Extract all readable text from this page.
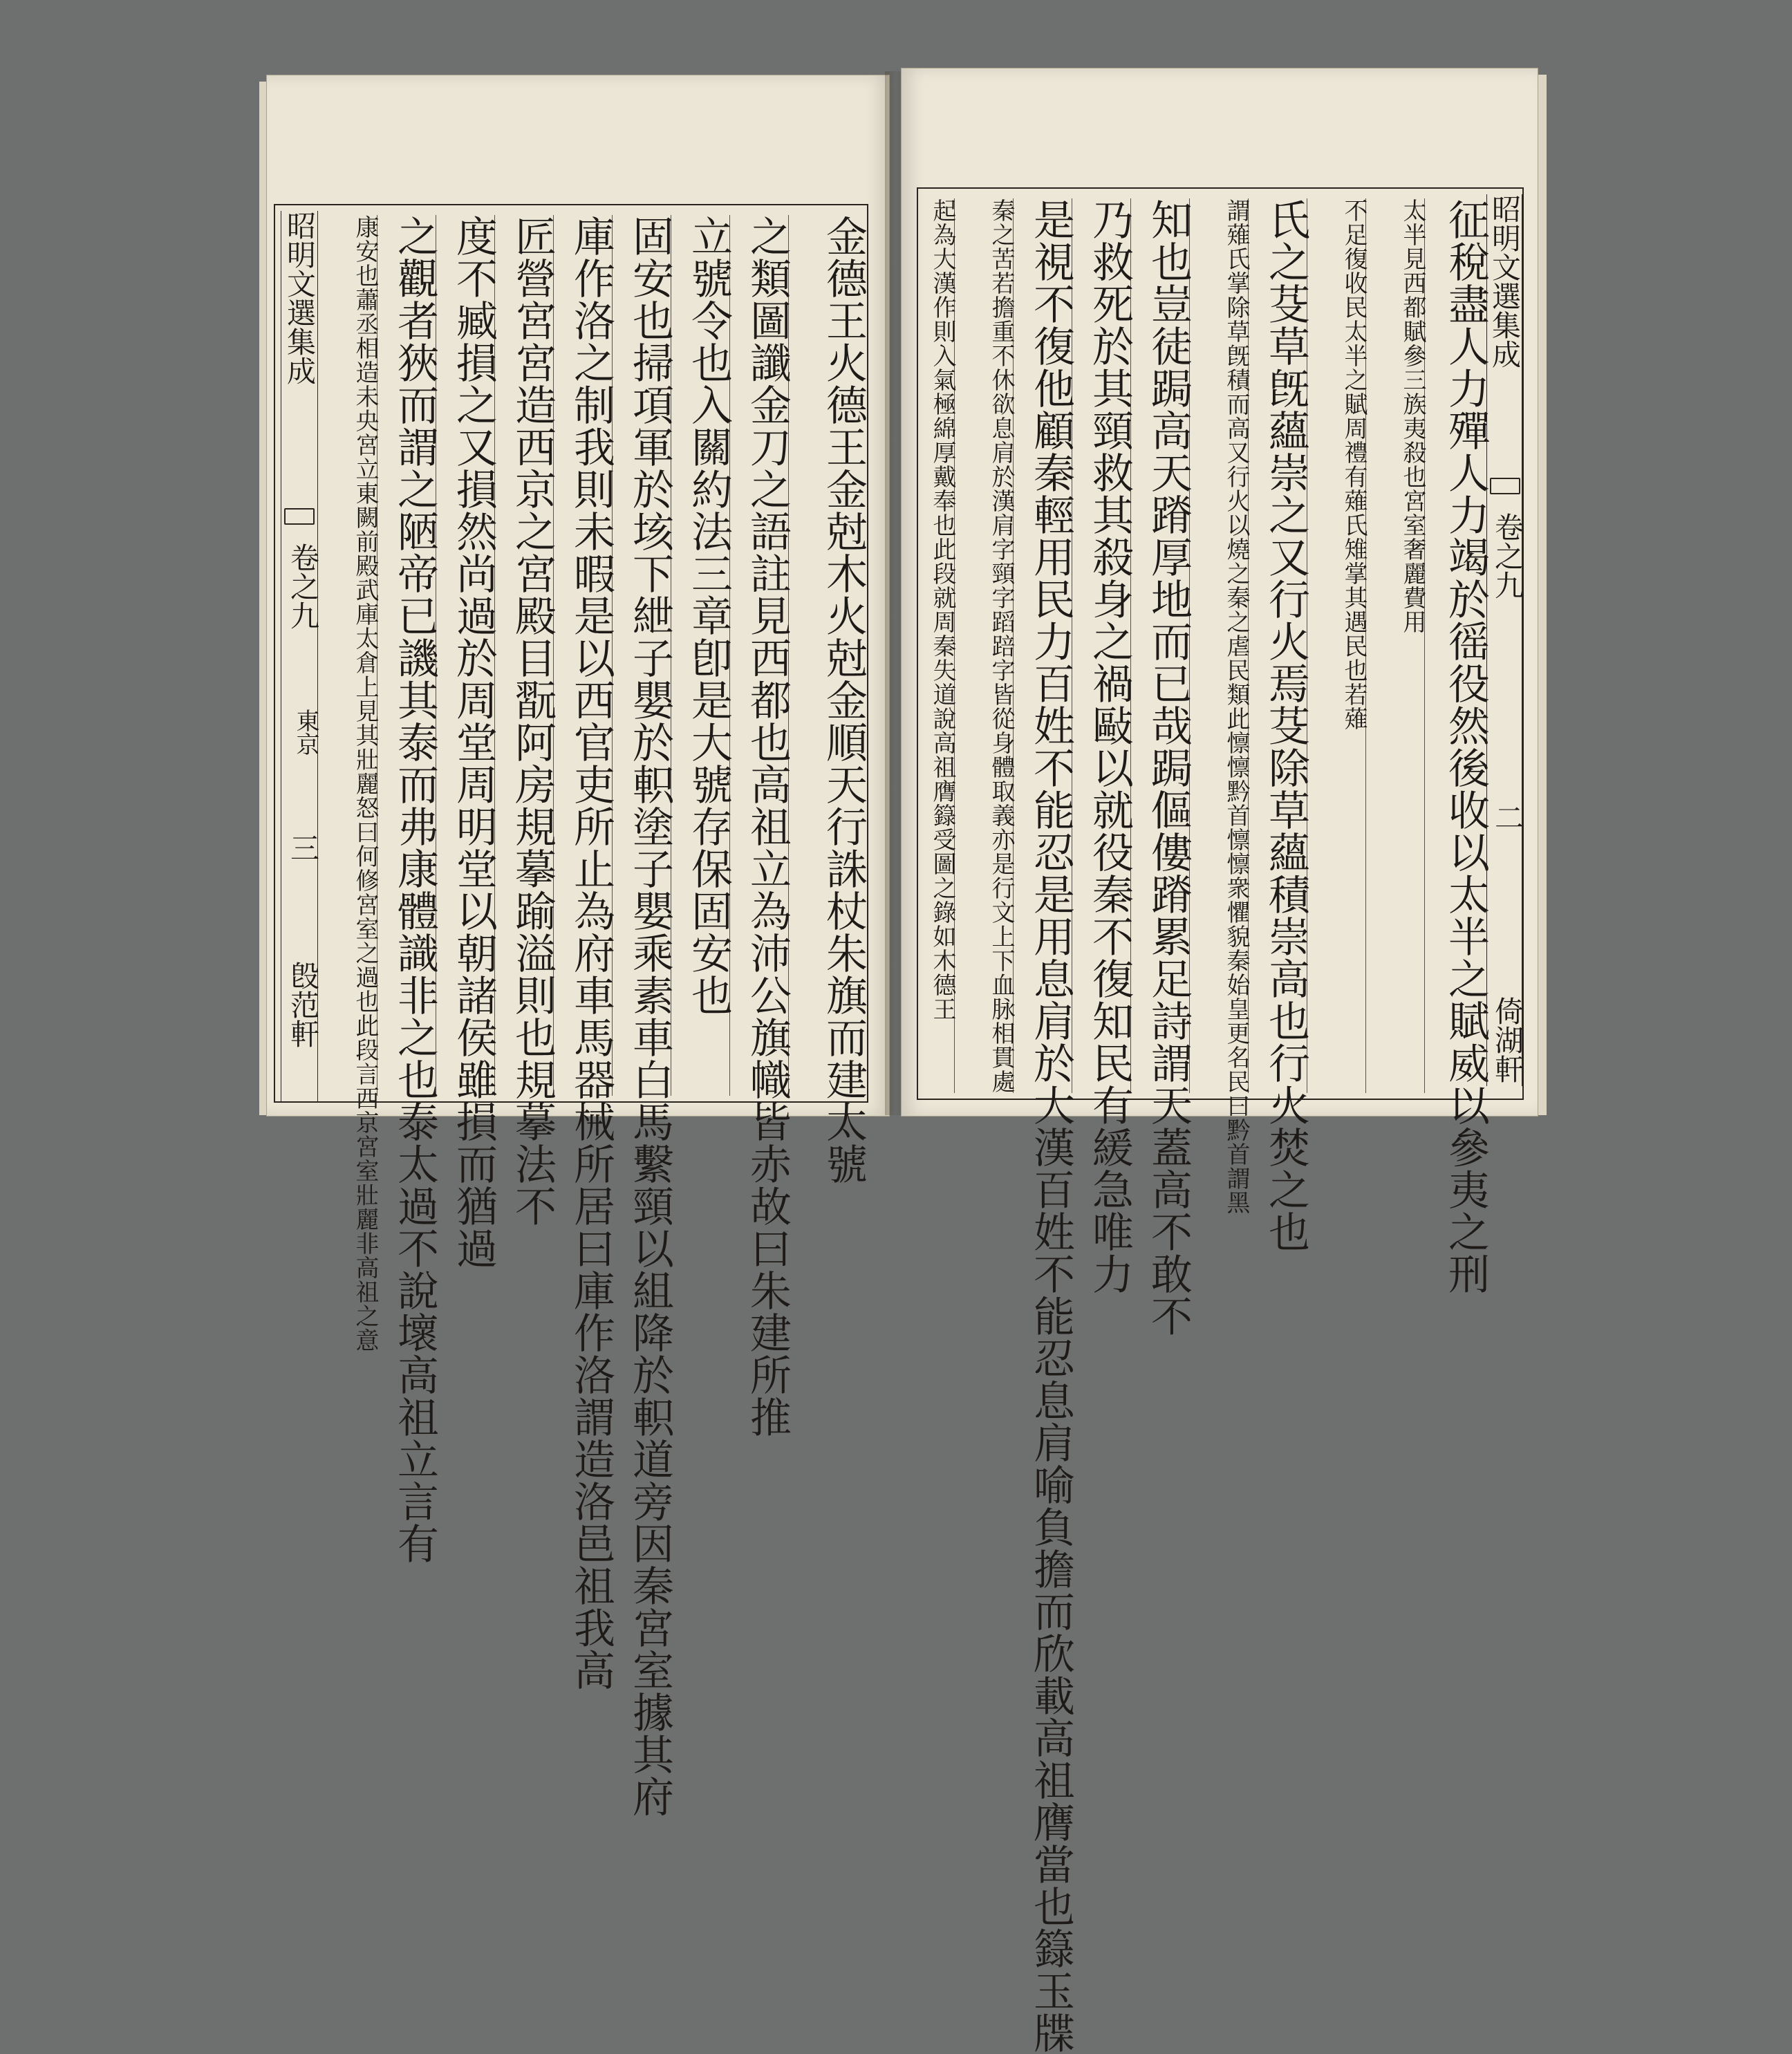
昭明文選集成
卷之九
東京
三
𣪘范軒	康安也蕭丞相造未央宮立東闕前殿武庫太倉上見其壯麗怒曰何修宮室之過也此段言西京宮室壯麗非高祖之意 之觀者狹而謂之陋帝已譏其泰而弗康體識非之也泰太過不說壞高祖立言有 度不臧損之又損然尚過於周堂周明堂以朝諸侯雖損而猶過 匠營宮宮造西京之宮殿目翫阿房規摹踰溢則也規摹法不 庫作洛之制我則未暇是以西官吏所止為府車馬器械所居曰庫作洛謂造洛邑祖我高 固安也掃項軍於垓下紲子嬰於軹塗子嬰乘素車白馬繫頸以組降於軹道旁因秦宮室據其府 立號令也入關約法三章卽是大號存保固安也 之類圖讖金刀之語註見西都也高祖立為沛公旗幟皆赤故曰朱建所推 金德王火德王金尅木火尅金順天行誅杖朱旗而建太號	起為大漢作則入氣極綿厚戴奉也此段就周秦失道說高祖膺籙受圖之錄如木德王	秦之苦若擔重不休欲息肩於漢肩字頸字蹈踣字皆從身體取義亦是行文上下血脉相貫處 是視不復他顧秦輕用民力百姓不能忍是用息肩於大漢百姓不能忍息肩喻負擔而欣載高祖膺當也籙玉牒 乃救死於其頸救其殺身之禍敺以就役秦不復知民有緩急唯力 知也豈徒跼高天蹐厚地而已哉跼傴僂蹐累足詩謂天蓋高不敢不	謂薙氏掌除草旣積而高又行火以燒之秦之虐民類此懔懔黔首懔懔衆懼貌秦始皇更名民曰黔首謂黑 氏之芟草旣蘊崇之又行火焉芟除草蘊積崇高也行火焚之也	不足復收民太半之賦周禮有薙氏雉掌其遇民也若薙	太半見西都賦參三族夷殺也宮室奢麗費用 征稅盡人力殫人力竭於徭役然後收以太半之賦威以參夷之刑
昭明文選集成
卷之九
二
倚湖軒
